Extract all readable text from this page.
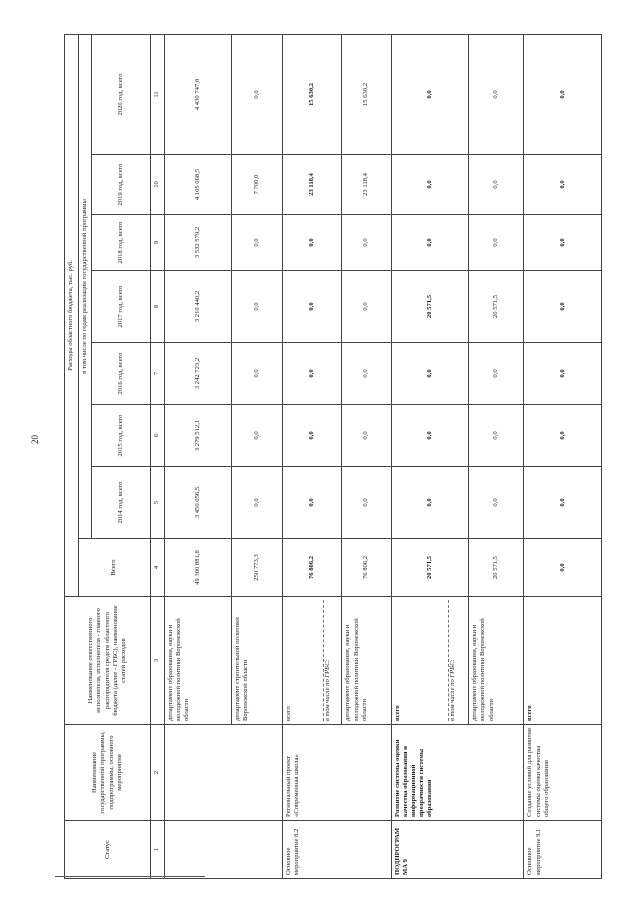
20
Статус	Наименование государственной программы, подпрограммы, основного мероприятия	Наименование ответственного исполнителя, исполнителя - главного распорядителя средств областного бюджета (далее - ГРБС), наименование статей расходов	Расходы областного бюджета, тыс. руб.							
			Всего	в том числе по годам реализации государственной программы						
				2014 год, всего	2015 год, всего	2016 год, всего	2017 год, всего	2018 год, всего	2019 год, всего	2020 год, всего
1	2	3	4	5	6	7	8	9	10	11
		департамент образования, науки и молодежной политики Воронежской области	49 300 881,8	3 450 056,5	3 279 512,1	3 242 723,2	3 210 440,2	3 532 579,2	4 105 068,5	4 430 747,8
		департамент строительной политики Воронежской области	250 773,3	0,0	0,0	0,0	0,0	0,0	7 700,0	0,0
Основное мероприятие 8.2	Региональный проект «Современная школа»	всего в том числе по ГРБС:	76 806,2	0,0	0,0	0,0	0,0	0,0	23 118,4	15 630,2
		департамент образования, науки и молодежной политики Воронежской области	76 806,2	0,0	0,0	0,0	0,0	0,0	23 118,4	15 630,2
ПОДПРОГРАММА 9	Развитие системы оценки качества образования и информационной прозрачности системы образования	всего в том числе по ГРБС:	20 571,5	0,0	0,0	0,0	20 571,5	0,0	0,0	0,0
		департамент образования, науки и молодежной политики Воронежской области	20 571,5	0,0	0,0	0,0	20 571,5	0,0	0,0	0,0
Основное мероприятие 9.1	Создание условий для развития системы оценки качества общего образования	всего	0,0	0,0	0,0	0,0	0,0	0,0	0,0	0,0
